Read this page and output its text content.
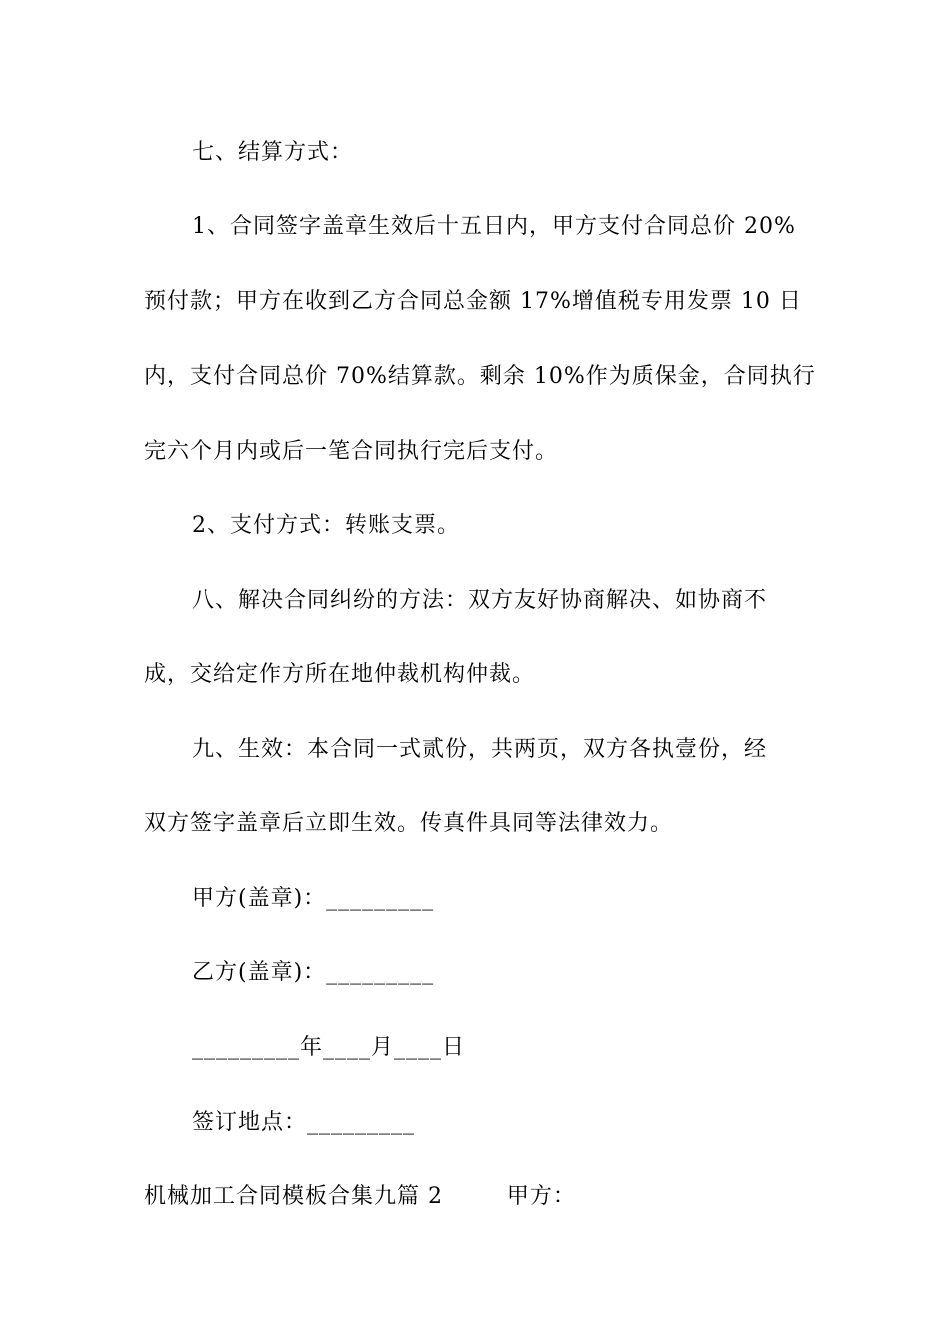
七、结算方式：
1、合同签字盖章生效后十五日内，甲方支付合同总价 20%
预付款；甲方在收到乙方合同总金额 17%增值税专用发票 10 日
内，支付合同总价 70%结算款。剩余 10%作为质保金，合同执行
完六个月内或后一笔合同执行完后支付。
2、支付方式：转账支票。
八、解决合同纠纷的方法：双方友好协商解决、如协商不
成，交给定作方所在地仲裁机构仲裁。
九、生效：本合同一式贰份，共两页，双方各执壹份，经
双方签字盖章后立即生效。传真件具同等法律效力。
甲方(盖章)：_________
乙方(盖章)：_________
_________年____月____日
签订地点：_________
机械加工合同模板合集九篇 2        甲方：
